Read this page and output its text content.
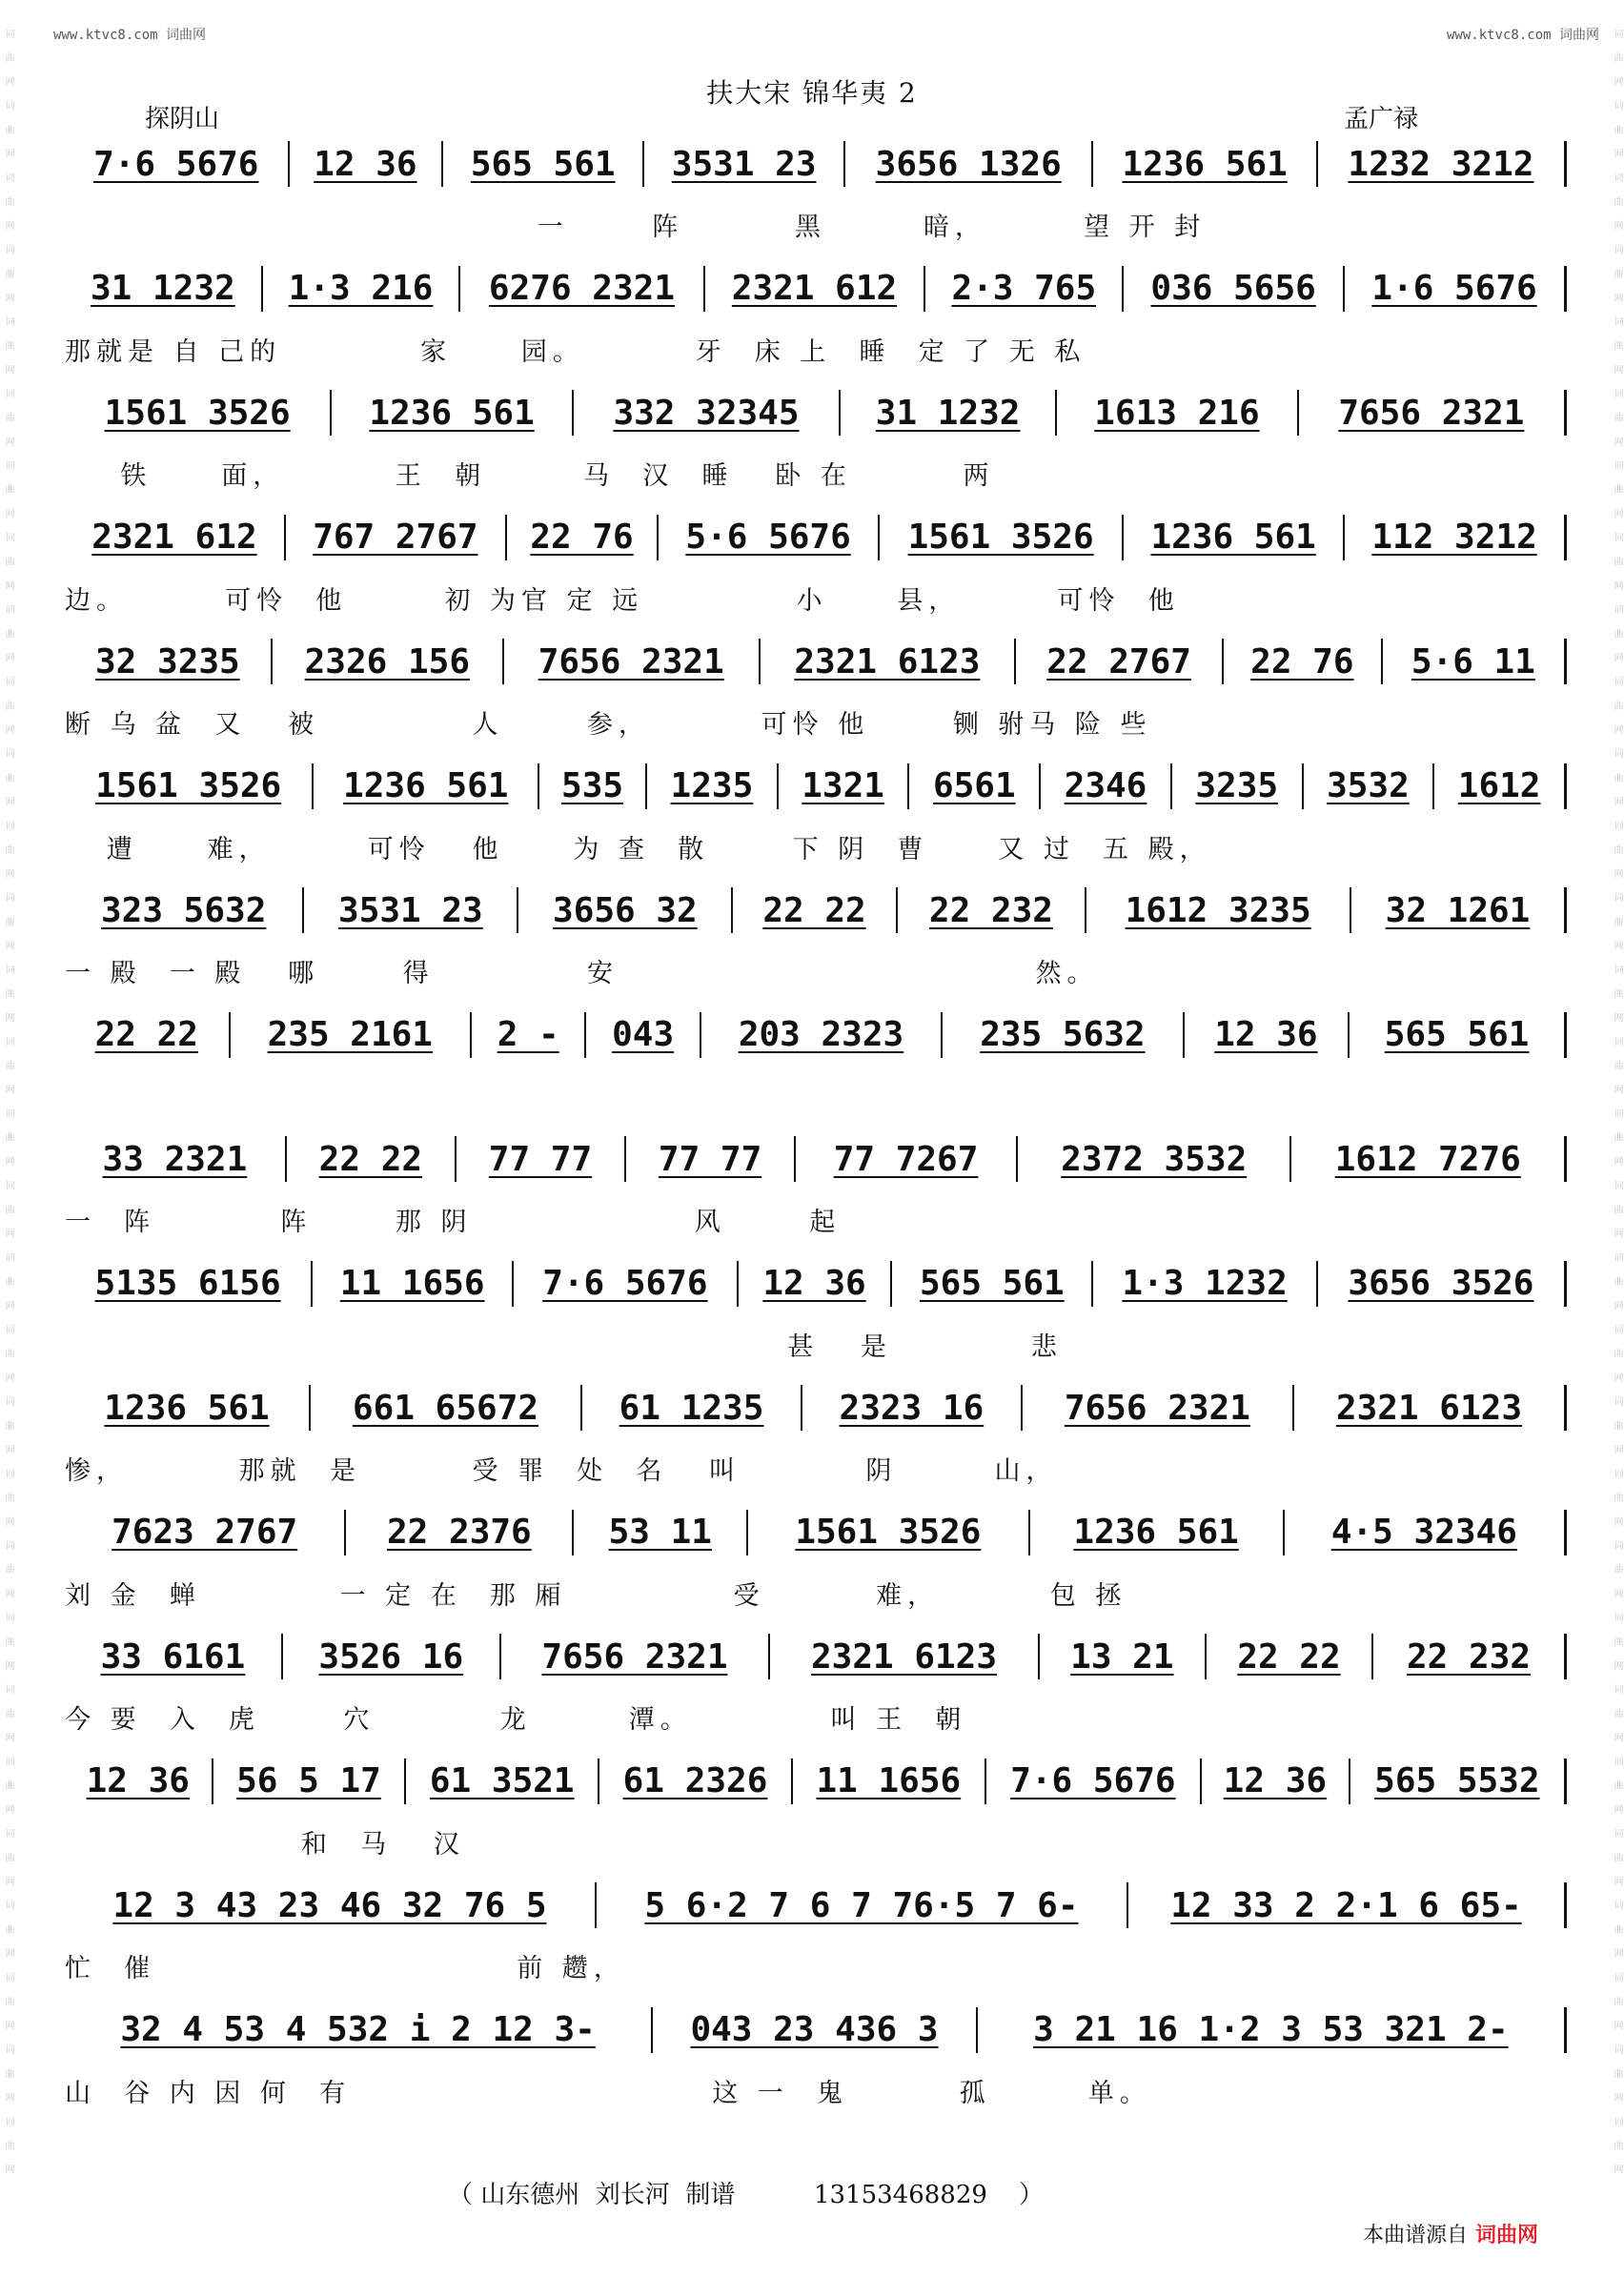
www.ktvc8.com 词曲网	www.ktvc8.com 词曲网
词 曲 网 词 曲 网 词 曲 网 词 曲 网 词 曲 网 词 曲 网 词 曲 网 词 曲 网 词 曲 网 词 曲 网 词 曲 网 词 曲 网 词 曲 网 词 曲 网 词 曲 网 词 曲 网 词 曲 网 词 曲 网 词 曲 网 词 曲 网 词 曲 网 词 曲 网 词 曲 网 词 曲 网 词 曲 网 词 曲 网 词 曲 网 词 曲 网 词 曲 网 词 曲 网	词 曲 网 词 曲 网 词 曲 网 词 曲 网 词 曲 网 词 曲 网 词 曲 网 词 曲 网 词 曲 网 词 曲 网 词 曲 网 词 曲 网 词 曲 网 词 曲 网 词 曲 网 词 曲 网 词 曲 网 词 曲 网 词 曲 网 词 曲 网 词 曲 网 词 曲 网 词 曲 网 词 曲 网 词 曲 网 词 曲 网 词 曲 网 词 曲 网 词 曲 网 词 曲 网
扶大宋 锦华夷 2
探阴山	孟广禄
7·6 5676 12 36 565 561 3531 23 3656 1326 1236 561 1232 3212
一      阵        黑       暗，       望 开 封
31 1232 1·3 216 6276 2321 2321 612 2·3 765 036 5656 1·6 5676
那就是 自 己的          家     园。        牙  床 上  睡  定 了 无 私
1561 3526 1236 561 332 32345 31 1232 1613 216 7656 2321
铁     面，        王  朝       马  汉  睡   卧 在        两
2321 612 767 2767 22 76 5·6 5676 1561 3526 1236 561 112 3212
边。       可怜  他       初 为官 定 远           小     县，       可怜  他
32 3235 2326 156 7656 2321 2321 6123 22 2767 22 76 5·6 11
断 乌 盆  又   被           人      参，        可怜 他      铡 驸马 险 些
1561 3526 1236 561 535 1235 1321 6561 2346 3235 3532 1612
遭     难，       可怜   他     为 查  散      下 阴  曹     又 过  五 殿，
323 5632 3531 23 3656 32 22 22 22 232 1612 3235 32 1261
一 殿  一 殿   哪      得           安                              然。
22 22 235 2161 2 - 043 203 2323 235 5632 12 36 565 561
33 2321 22 22 77 77 77 77 77 7267 2372 3532	1612 7276
一  阵         阵      那 阴                风      起
5135 6156 11 1656 7·6 5676 12 36 565 561 1·3 1232 3656 3526
甚   是          悲
1236 561 661 65672 61 1235 2323 16 7656 2321	2321 6123
惨，        那就  是        受 罪  处  名   叫         阴       山，
7623 2767	22 2376 53 11 1561 3526	1236 561	4·5 32346
刘 金  蝉          一 定 在  那 厢            受        难，        包 拯
33 6161 3526 16 7656 2321 2321 6123 13 21 22 22 22 232
今 要  入  虎      穴         龙       潭。          叫 王  朝
12 36 56 5 17 61 3521 61 2326 11 1656 7·6 5676 12 36 565 5532
和  马   汉
12 3 43 23 46 32 76 5	5 6·2 7 6 7 76·5 7 6-	12 33 2 2·1 6 65-
忙  催                          前 趱，
32 4 53 4 532 i 2 12 3-	043 23 436 3	3 21 16 1·2 3 53 321 2-
山  谷 内 因 何  有                          这 一  鬼        孤       单。
（ 山东德州  刘长河  制谱          13153468829    ）
本曲谱源自 词曲网
